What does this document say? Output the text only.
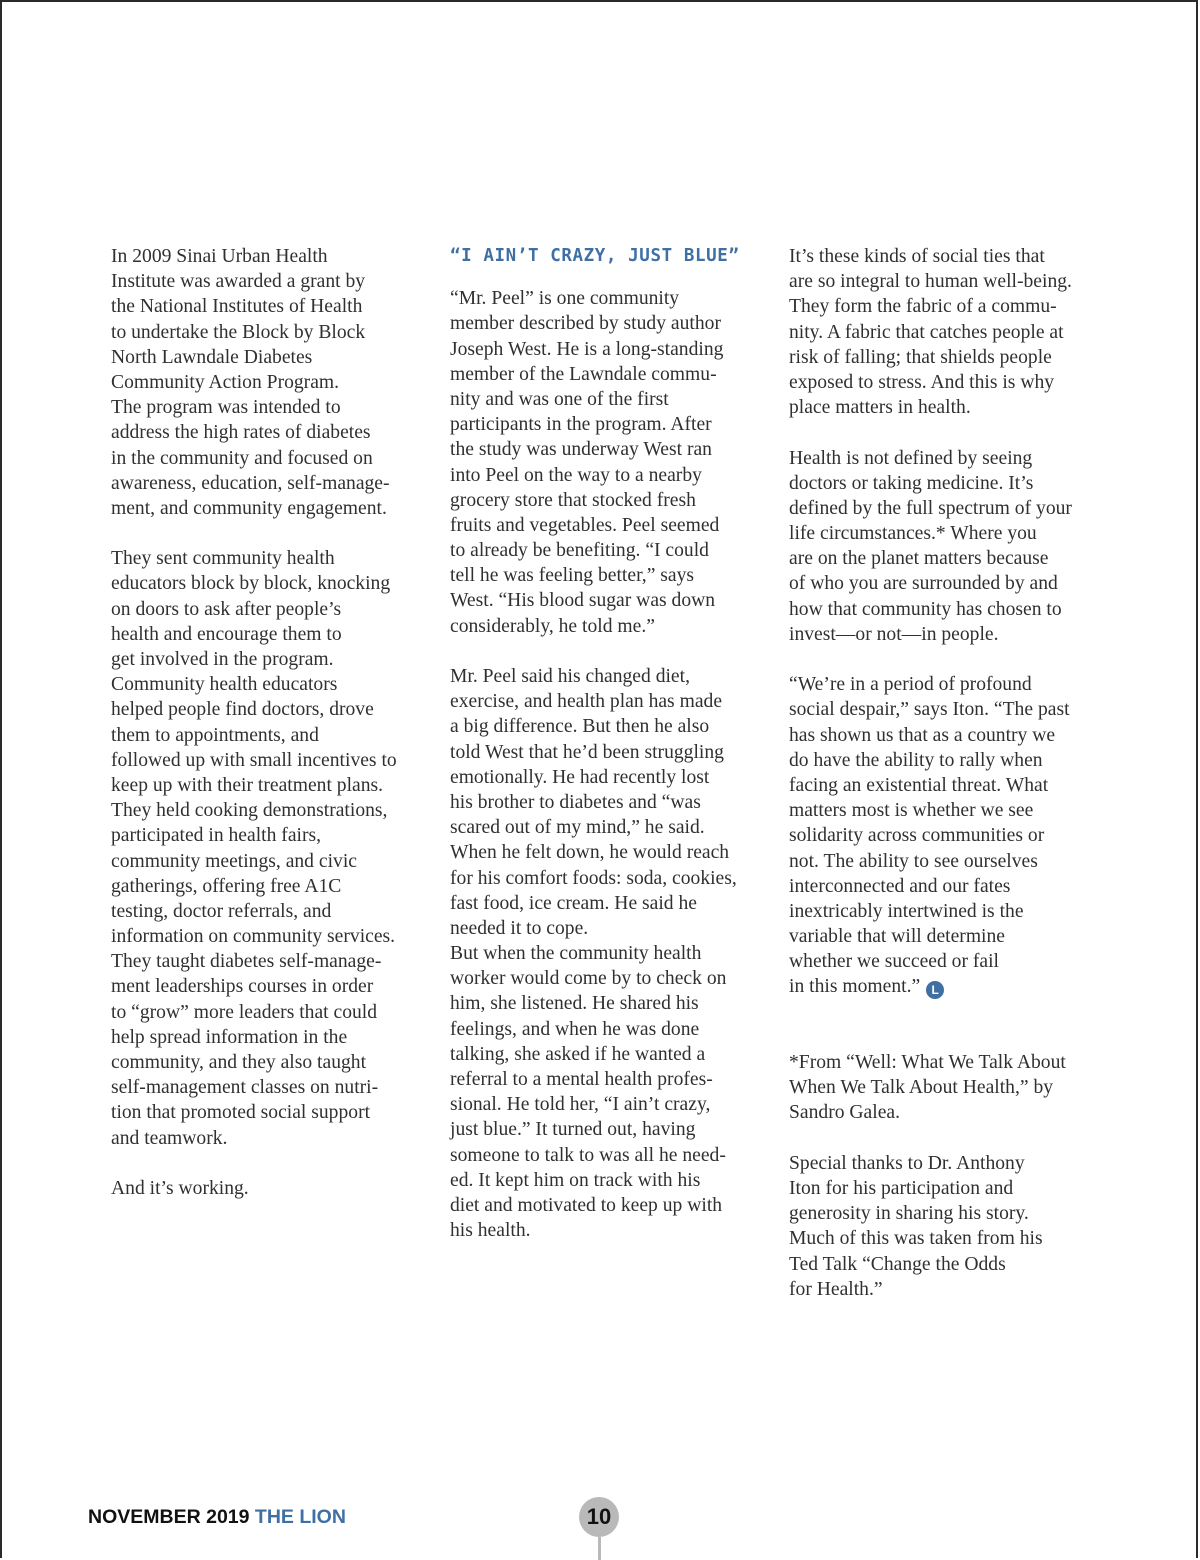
In 2009 Sinai Urban Health
Institute was awarded a grant by
the National Institutes of Health
to undertake the Block by Block
North Lawndale Diabetes
Community Action Program.
The program was intended to
address the high rates of diabetes
in the community and focused on
awareness, education, self-manage-
ment, and community engagement.
They sent community health
educators block by block, knocking
on doors to ask after people’s
health and encourage them to
get involved in the program.
Community health educators
helped people find doctors, drove
them to appointments, and
followed up with small incentives to
keep up with their treatment plans.
They held cooking demonstrations,
participated in health fairs,
community meetings, and civic
gatherings, offering free A1C
testing, doctor referrals, and
information on community services.
They taught diabetes self-manage-
ment leaderships courses in order
to “grow” more leaders that could
help spread information in the
community, and they also taught
self-management classes on nutri-
tion that promoted social support
and teamwork.
And it’s working.
“I AIN’T CRAZY, JUST BLUE”
“Mr. Peel” is one community
member described by study author
Joseph West. He is a long-standing
member of the Lawndale commu-
nity and was one of the first
participants in the program. After
the study was underway West ran
into Peel on the way to a nearby
grocery store that stocked fresh
fruits and vegetables. Peel seemed
to already be benefiting. “I could
tell he was feeling better,” says
West. “His blood sugar was down
considerably, he told me.”
Mr. Peel said his changed diet,
exercise, and health plan has made
a big difference. But then he also
told West that he’d been struggling
emotionally. He had recently lost
his brother to diabetes and “was
scared out of my mind,” he said.
When he felt down, he would reach
for his comfort foods: soda, cookies,
fast food, ice cream. He said he
needed it to cope.
But when the community health
worker would come by to check on
him, she listened. He shared his
feelings, and when he was done
talking, she asked if he wanted a
referral to a mental health profes-
sional. He told her, “I ain’t crazy,
just blue.” It turned out, having
someone to talk to was all he need-
ed. It kept him on track with his
diet and motivated to keep up with
his health.
It’s these kinds of social ties that
are so integral to human well-being.
They form the fabric of a commu-
nity. A fabric that catches people at
risk of falling; that shields people
exposed to stress. And this is why
place matters in health.
Health is not defined by seeing
doctors or taking medicine. It’s
defined by the full spectrum of your
life circumstances.* Where you
are on the planet matters because
of who you are surrounded by and
how that community has chosen to
invest—or not—in people.
“We’re in a period of profound
social despair,” says Iton. “The past
has shown us that as a country we
do have the ability to rally when
facing an existential threat. What
matters most is whether we see
solidarity across communities or
not. The ability to see ourselves
interconnected and our fates
inextricably intertwined is the
variable that will determine
whether we succeed or fail
in this moment.” L
*From “Well: What We Talk About
When We Talk About Health,” by
Sandro Galea.
Special thanks to Dr. Anthony
Iton for his participation and
generosity in sharing his story.
Much of this was taken from his
Ted Talk “Change the Odds
for Health.”
NOVEMBER 2019 THE LION	10
